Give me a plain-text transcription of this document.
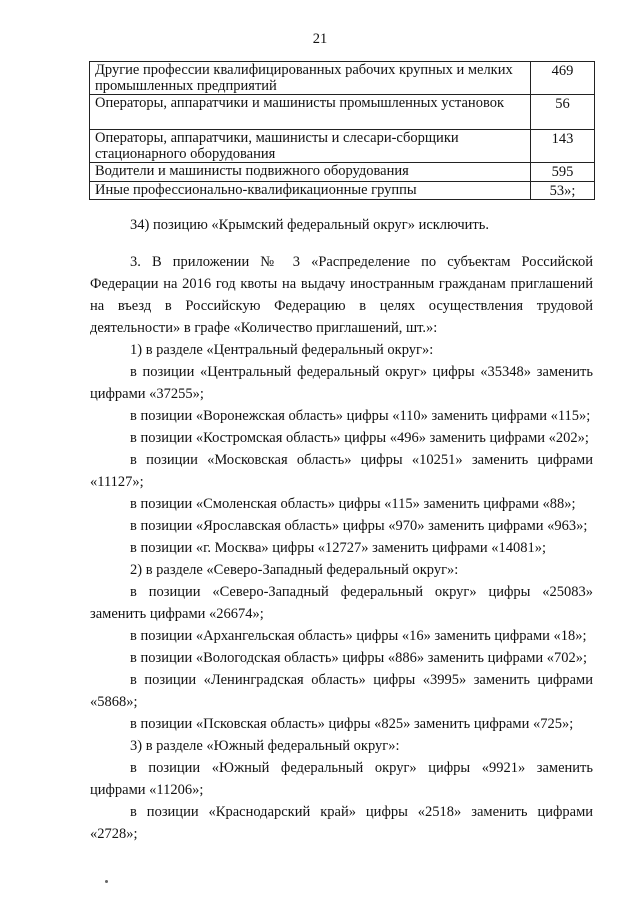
21
Другие профессии квалифицированных рабочих крупных и мелких промышленных предприятий	469
Операторы, аппаратчики и машинисты промышленных установок	56
Операторы, аппаратчики, машинисты и слесари-сборщики стационарного оборудования	143
Водители и машинисты подвижного оборудования	595
Иные профессионально-квалификационные группы	53»;

34) позицию «Крымский федеральный округ» исключить.

3. В приложении № 3 «Распределение по субъектам Российской Федерации на 2016 год квоты на выдачу иностранным гражданам приглашений на въезд в Российскую Федерацию в целях осуществления трудовой деятельности» в графе «Количество приглашений, шт.»:

1) в разделе «Центральный федеральный округ»:

в позиции «Центральный федеральный округ» цифры «35348» заменить цифрами «37255»;

в позиции «Воронежская область» цифры «110» заменить цифрами «115»;

в позиции «Костромская область» цифры «496» заменить цифрами «202»;

в позиции «Московская область» цифры «10251» заменить цифрами «11127»;

в позиции «Смоленская область» цифры «115» заменить цифрами «88»;

в позиции «Ярославская область» цифры «970» заменить цифрами «963»;

в позиции «г. Москва» цифры «12727» заменить цифрами «14081»;

2) в разделе «Северо-Западный федеральный округ»:

в позиции «Северо-Западный федеральный округ» цифры «25083» заменить цифрами «26674»;

в позиции «Архангельская область» цифры «16» заменить цифрами «18»;

в позиции «Вологодская область» цифры «886» заменить цифрами «702»;

в позиции «Ленинградская область» цифры «3995» заменить цифрами «5868»;

в позиции «Псковская область» цифры «825» заменить цифрами «725»;

3) в разделе «Южный федеральный округ»:

в позиции «Южный федеральный округ» цифры «9921» заменить цифрами «11206»;

в позиции «Краснодарский край» цифры «2518» заменить цифрами «2728»;
